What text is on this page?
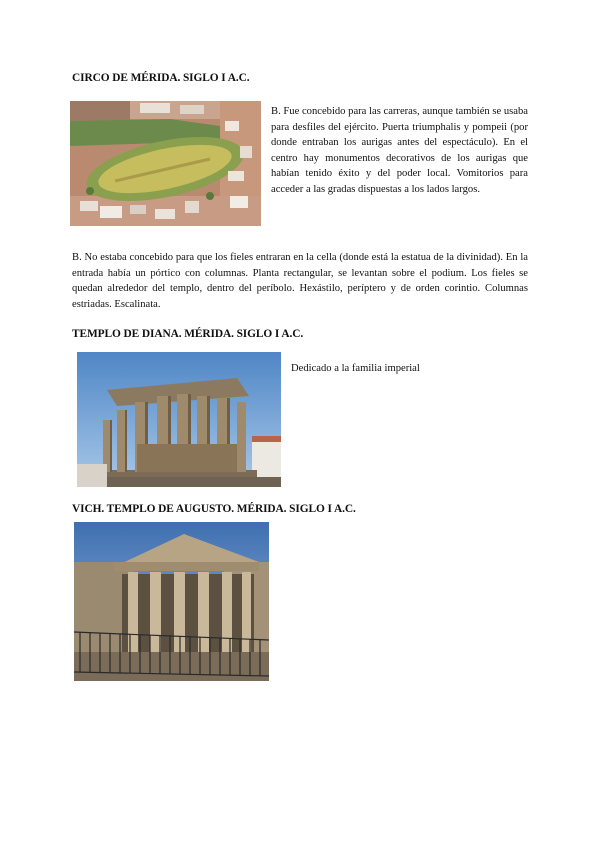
CIRCO DE MÉRIDA. SIGLO I A.C.
B. Fue concebido para las carreras, aunque también se usaba para desfiles del ejército. Puerta triumphalis y pompeii (por donde entraban los aurigas antes del espectáculo). En el centro hay monumentos decorativos de los aurigas que habían tenido éxito y del poder local. Vomitorios para acceder a las gradas dispuestas a los lados largos.
B. No estaba concebido para que los fieles entraran en la cella (donde está la estatua de la divinidad). En la entrada había un pórtico con columnas. Planta rectangular, se levantan sobre el podium. Los fieles se quedan alrededor del templo, dentro del períbolo. Hexástilo, períptero y de orden corintio. Columnas estriadas. Escalinata.
TEMPLO DE DIANA. MÉRIDA. SIGLO I A.C.
Dedicado a la familia imperial
VICH. TEMPLO DE AUGUSTO. MÉRIDA. SIGLO I A.C.
